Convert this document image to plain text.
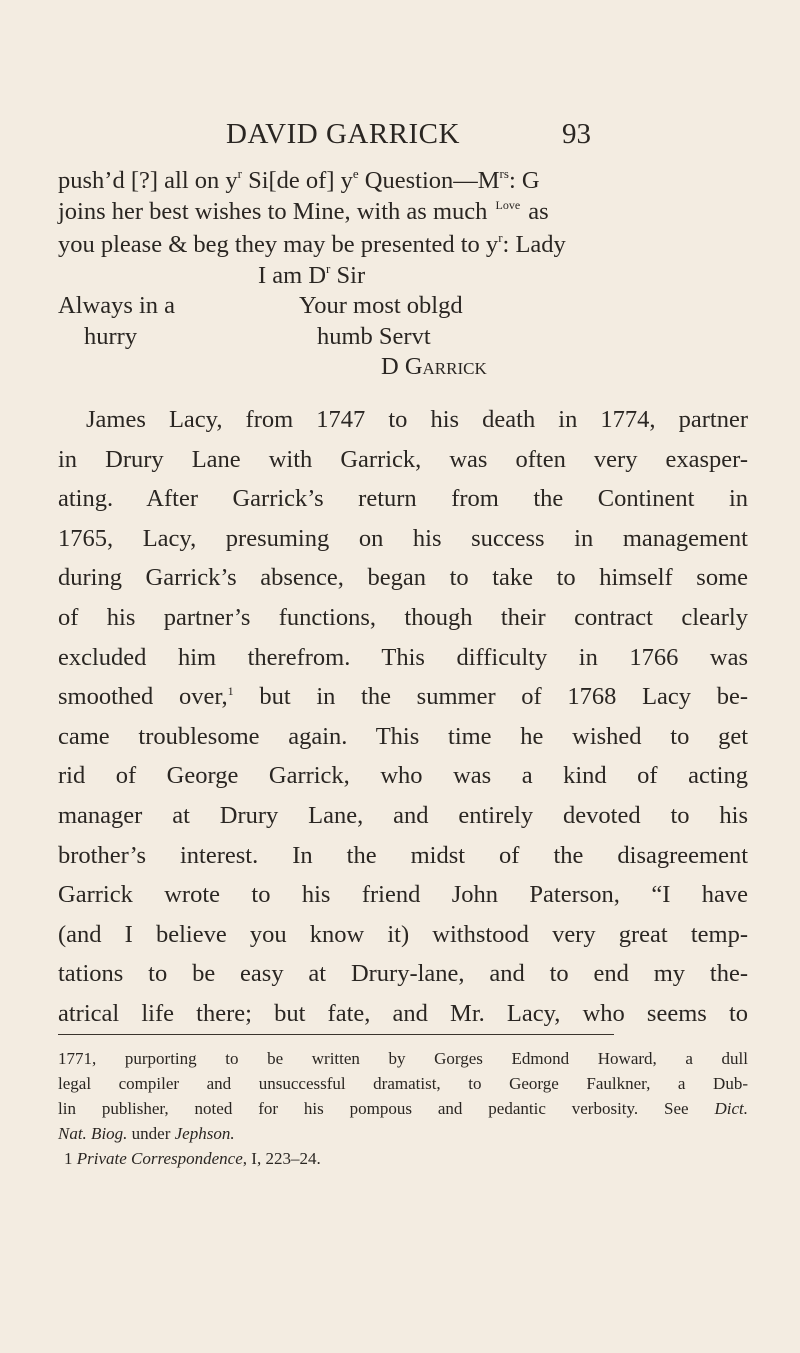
DAVID GARRICK	93
push’d [?] all on $y^r$ Si[de of] $y^e$ $Question—M^{rs}$: G
joins her best wishes to Mine, with as much $^{Love}$ as
you please & beg they may be presented to $y^r$: Lady
I am $D^r$ Sir
Always in a	Your most oblgd
hurry	humb Servt
D Garrick
James Lacy, from 1747 to his death in 1774, partner
in Drury Lane with Garrick, was often very exasper-
ating. After Garrick’s return from the Continent in
1765, Lacy, presuming on his success in management
during Garrick’s absence, began to take to himself some
of his partner’s functions, though their contract clearly
excluded him therefrom. This difficulty in 1766 was
smoothed over,$^1$ but in the summer of 1768 Lacy be-
came troublesome again. This time he wished to get
rid of George Garrick, who was a kind of acting
manager at Drury Lane, and entirely devoted to his
brother’s interest. In the midst of the disagreement
Garrick wrote to his friend John Paterson, “I have
(and I believe you know it) withstood very great temp-
tations to be easy at Drury-lane, and to end my the-
atrical life there; but fate, and Mr. Lacy, who seems to
1771, purporting to be written by Gorges Edmond Howard, a dull
legal compiler and unsuccessful dramatist, to George Faulkner, a Dub-
lin publisher, noted for his pompous and pedantic verbosity. See Dict.
Nat. Biog. under Jephson.
1 Private Correspondence, I, 223–24.
